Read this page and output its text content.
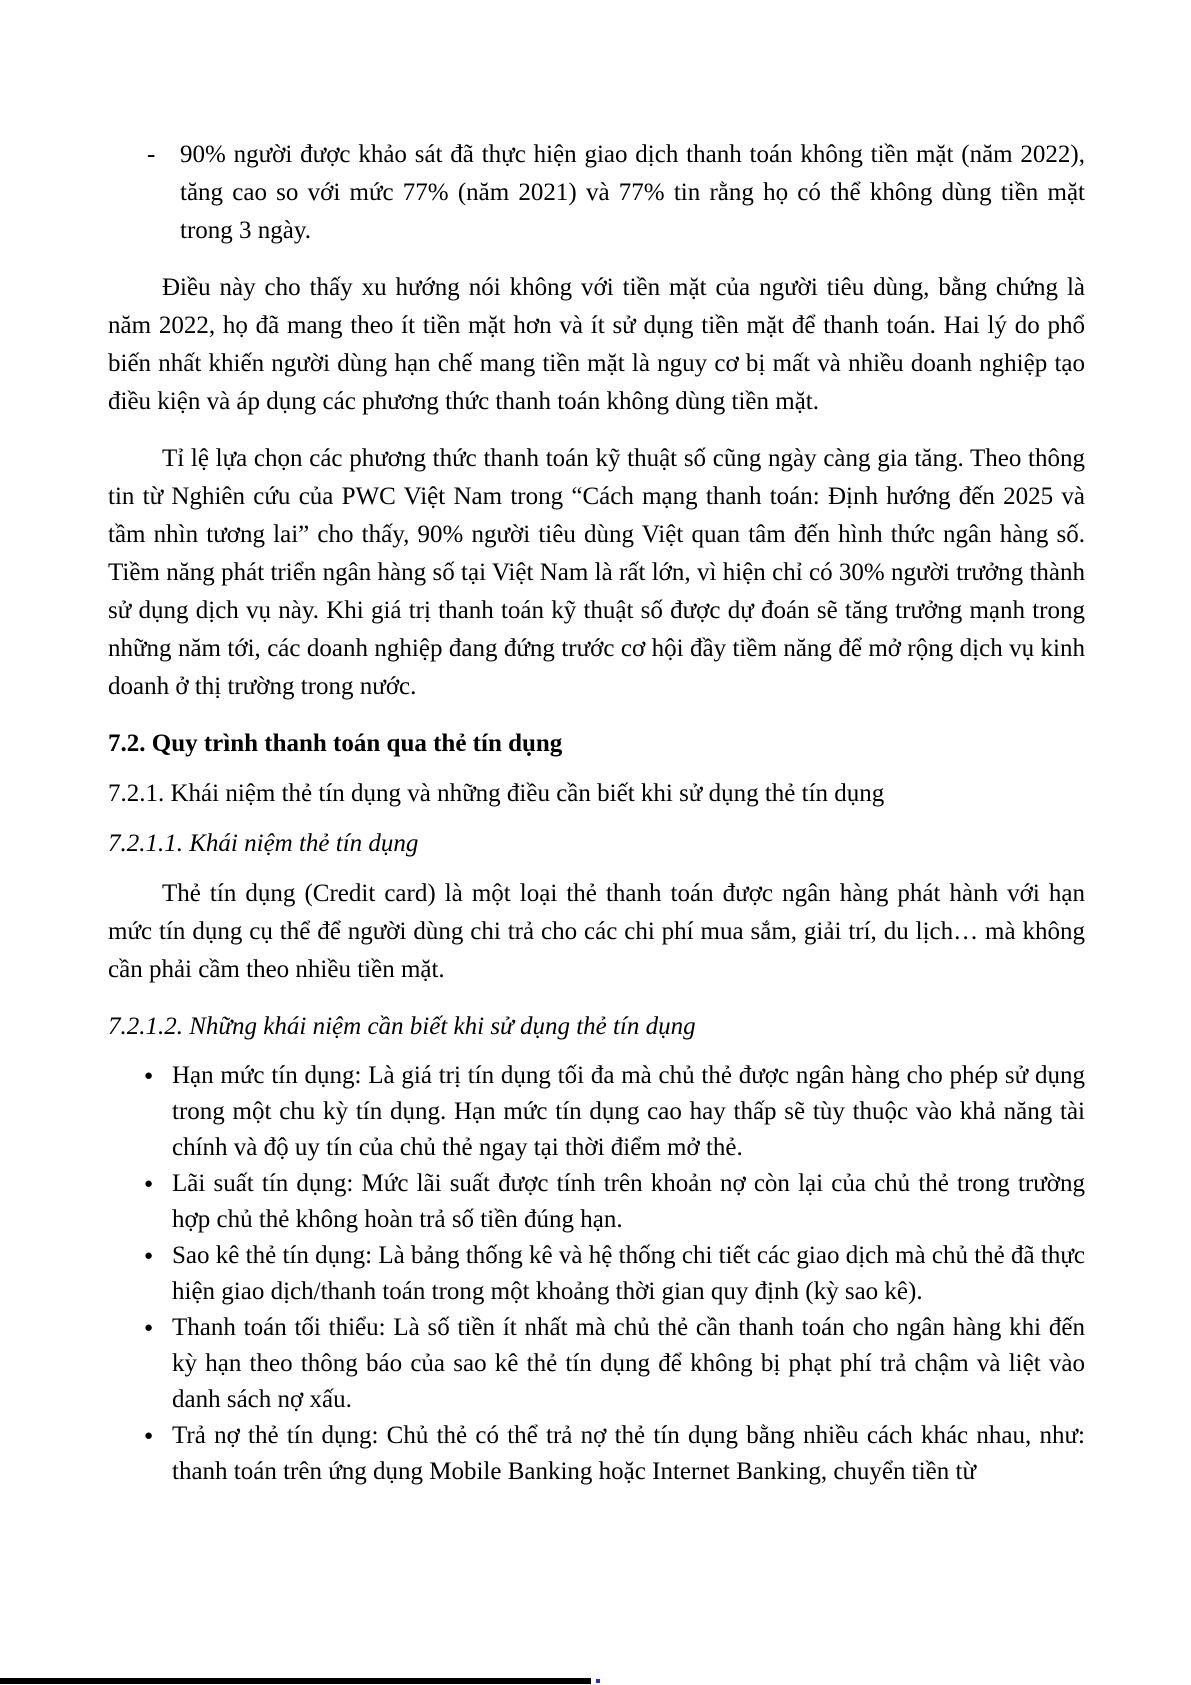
- 90% người được khảo sát đã thực hiện giao dịch thanh toán không tiền mặt (năm 2022), tăng cao so với mức 77% (năm 2021) và 77% tin rằng họ có thể không dùng tiền mặt trong 3 ngày.

Điều này cho thấy xu hướng nói không với tiền mặt của người tiêu dùng, bằng chứng là năm 2022, họ đã mang theo ít tiền mặt hơn và ít sử dụng tiền mặt để thanh toán. Hai lý do phổ biến nhất khiến người dùng hạn chế mang tiền mặt là nguy cơ bị mất và nhiều doanh nghiệp tạo điều kiện và áp dụng các phương thức thanh toán không dùng tiền mặt.

Tỉ lệ lựa chọn các phương thức thanh toán kỹ thuật số cũng ngày càng gia tăng. Theo thông tin từ Nghiên cứu của PWC Việt Nam trong “Cách mạng thanh toán: Định hướng đến 2025 và tầm nhìn tương lai” cho thấy, 90% người tiêu dùng Việt quan tâm đến hình thức ngân hàng số. Tiềm năng phát triển ngân hàng số tại Việt Nam là rất lớn, vì hiện chỉ có 30% người trưởng thành sử dụng dịch vụ này. Khi giá trị thanh toán kỹ thuật số được dự đoán sẽ tăng trưởng mạnh trong những năm tới, các doanh nghiệp đang đứng trước cơ hội đầy tiềm năng để mở rộng dịch vụ kinh doanh ở thị trường trong nước.

7.2. Quy trình thanh toán qua thẻ tín dụng
7.2.1. Khái niệm thẻ tín dụng và những điều cần biết khi sử dụng thẻ tín dụng
7.2.1.1. Khái niệm thẻ tín dụng

Thẻ tín dụng (Credit card) là một loại thẻ thanh toán được ngân hàng phát hành với hạn mức tín dụng cụ thể để người dùng chi trả cho các chi phí mua sắm, giải trí, du lịch… mà không cần phải cầm theo nhiều tiền mặt.

7.2.1.2. Những khái niệm cần biết khi sử dụng thẻ tín dụng
● Hạn mức tín dụng: Là giá trị tín dụng tối đa mà chủ thẻ được ngân hàng cho phép sử dụng trong một chu kỳ tín dụng. Hạn mức tín dụng cao hay thấp sẽ tùy thuộc vào khả năng tài chính và độ uy tín của chủ thẻ ngay tại thời điểm mở thẻ.
● Lãi suất tín dụng: Mức lãi suất được tính trên khoản nợ còn lại của chủ thẻ trong trường hợp chủ thẻ không hoàn trả số tiền đúng hạn.
● Sao kê thẻ tín dụng: Là bảng thống kê và hệ thống chi tiết các giao dịch mà chủ thẻ đã thực hiện giao dịch/thanh toán trong một khoảng thời gian quy định (kỳ sao kê).
● Thanh toán tối thiểu: Là số tiền ít nhất mà chủ thẻ cần thanh toán cho ngân hàng khi đến kỳ hạn theo thông báo của sao kê thẻ tín dụng để không bị phạt phí trả chậm và liệt vào danh sách nợ xấu.
● Trả nợ thẻ tín dụng: Chủ thẻ có thể trả nợ thẻ tín dụng bằng nhiều cách khác nhau, như: thanh toán trên ứng dụng Mobile Banking hoặc Internet Banking, chuyển tiền từ
